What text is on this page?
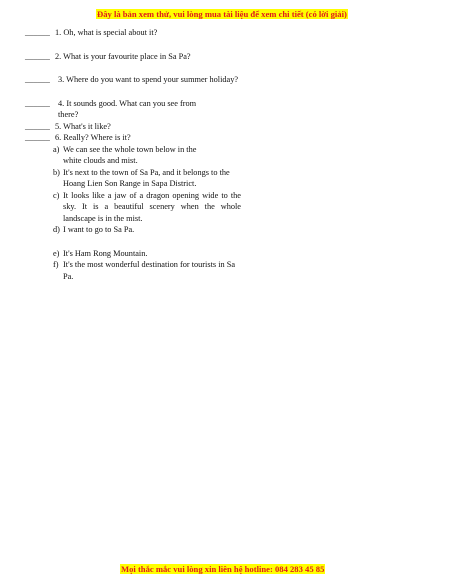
Đây là bản xem thử, vui lòng mua tài liệu để xem chi tiết (có lời giải)
______ 1. Oh, what is special about it?
______ 2. What is your favourite place in Sa Pa?
______ 3. Where do you want to spend your summer holiday?
______ 4. It sounds good. What can you see from there?
______ 5. What's it like?
______ 6. Really? Where is it?
a) We can see the whole town below in the white clouds and mist.
b) It's next to the town of Sa Pa, and it belongs to the Hoang Lien Son Range in Sapa District.
c) It looks like a jaw of a dragon opening wide to the sky. It is a beautiful scenery when the whole landscape is in the mist.
d) I want to go to Sa Pa.
e) It's Ham Rong Mountain.
f) It's the most wonderful destination for tourists in Sa Pa.
Mọi thắc mắc vui lòng xin liên hệ hotline: 084 283 45 85
